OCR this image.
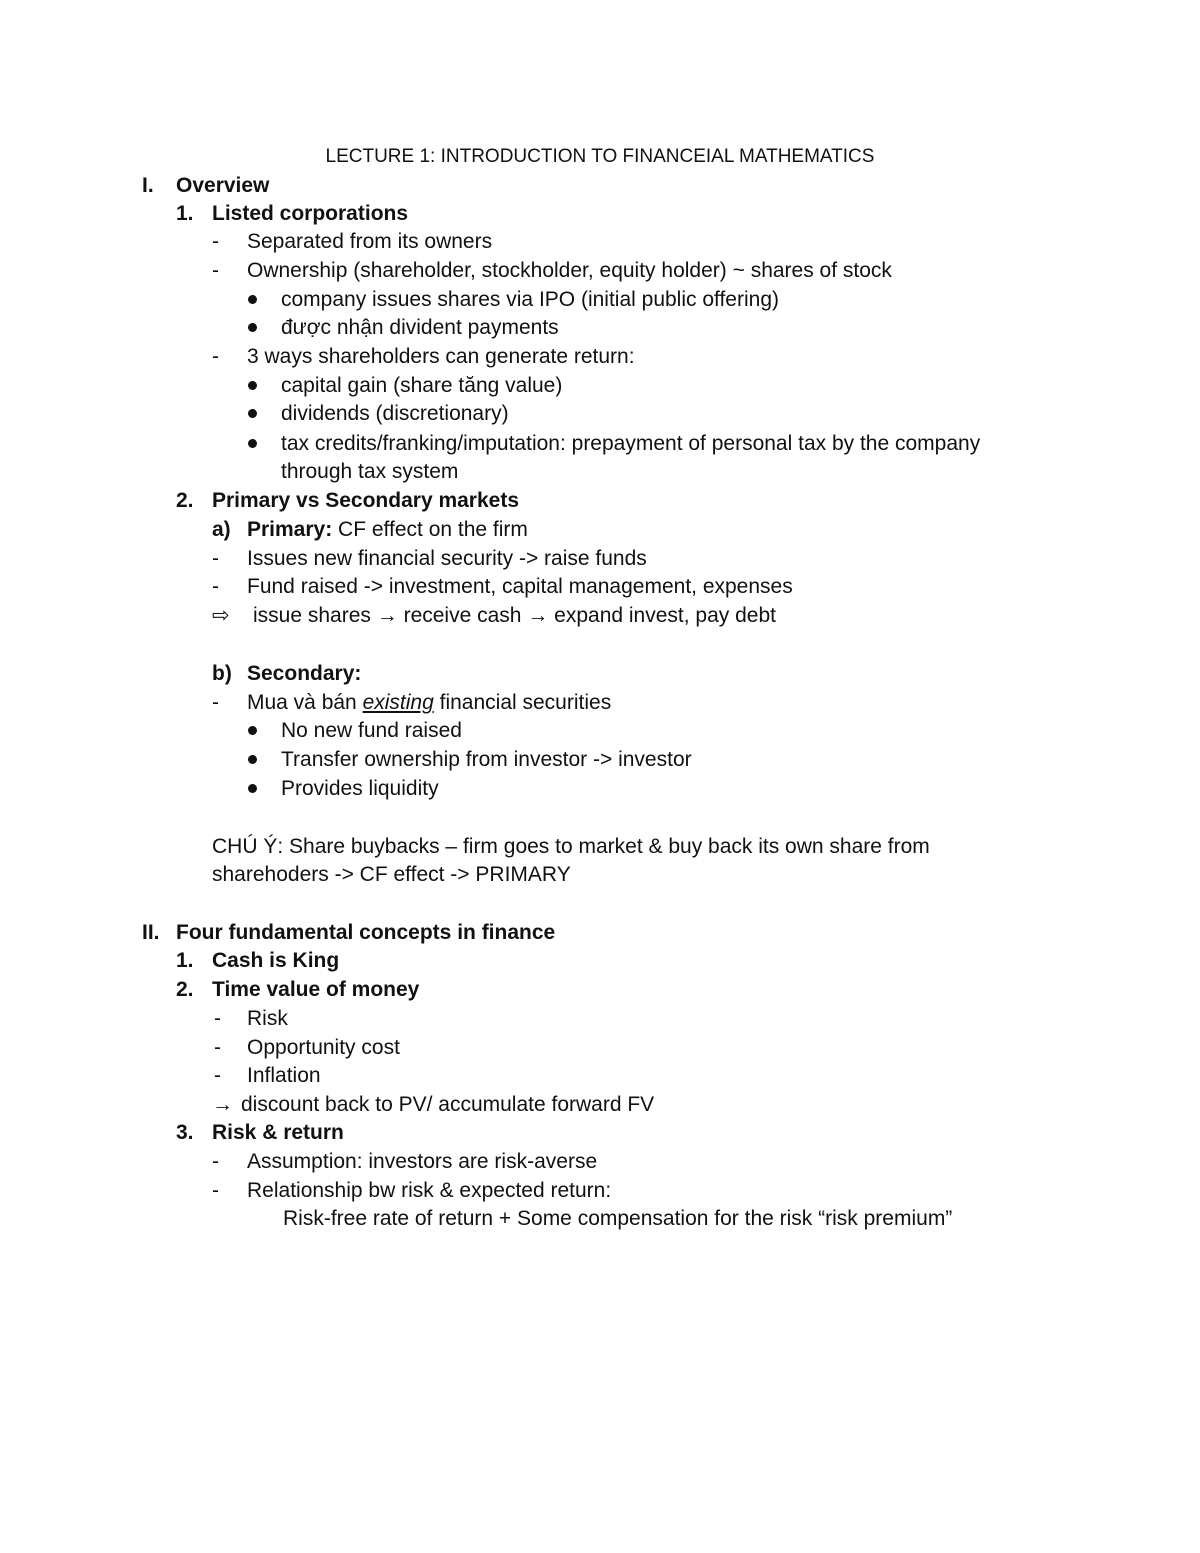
LECTURE 1: INTRODUCTION TO FINANCEIAL MATHEMATICS
I. Overview
1. Listed corporations
- Separated from its owners
- Ownership (shareholder, stockholder, equity holder) ~ shares of stock
company issues shares via IPO (initial public offering)
được nhận divident payments
- 3 ways shareholders can generate return:
capital gain (share tăng value)
dividends (discretionary)
tax credits/franking/imputation: prepayment of personal tax by the company
through tax system
2. Primary vs Secondary markets
a) Primary: CF effect on the firm
- Issues new financial security -> raise funds
- Fund raised -> investment, capital management, expenses
⇨ issue shares → receive cash → expand invest, pay debt
b) Secondary:
- Mua và bán existing financial securities
No new fund raised
Transfer ownership from investor -> investor
Provides liquidity
CHÚ Ý: Share buybacks – firm goes to market & buy back its own share from
sharehoders -> CF effect -> PRIMARY
II. Four fundamental concepts in finance
1. Cash is King
2. Time value of money
- Risk
- Opportunity cost
- Inflation
→ discount back to PV/ accumulate forward FV
3. Risk & return
- Assumption: investors are risk-averse
- Relationship bw risk & expected return:
Risk-free rate of return + Some compensation for the risk “risk premium”
